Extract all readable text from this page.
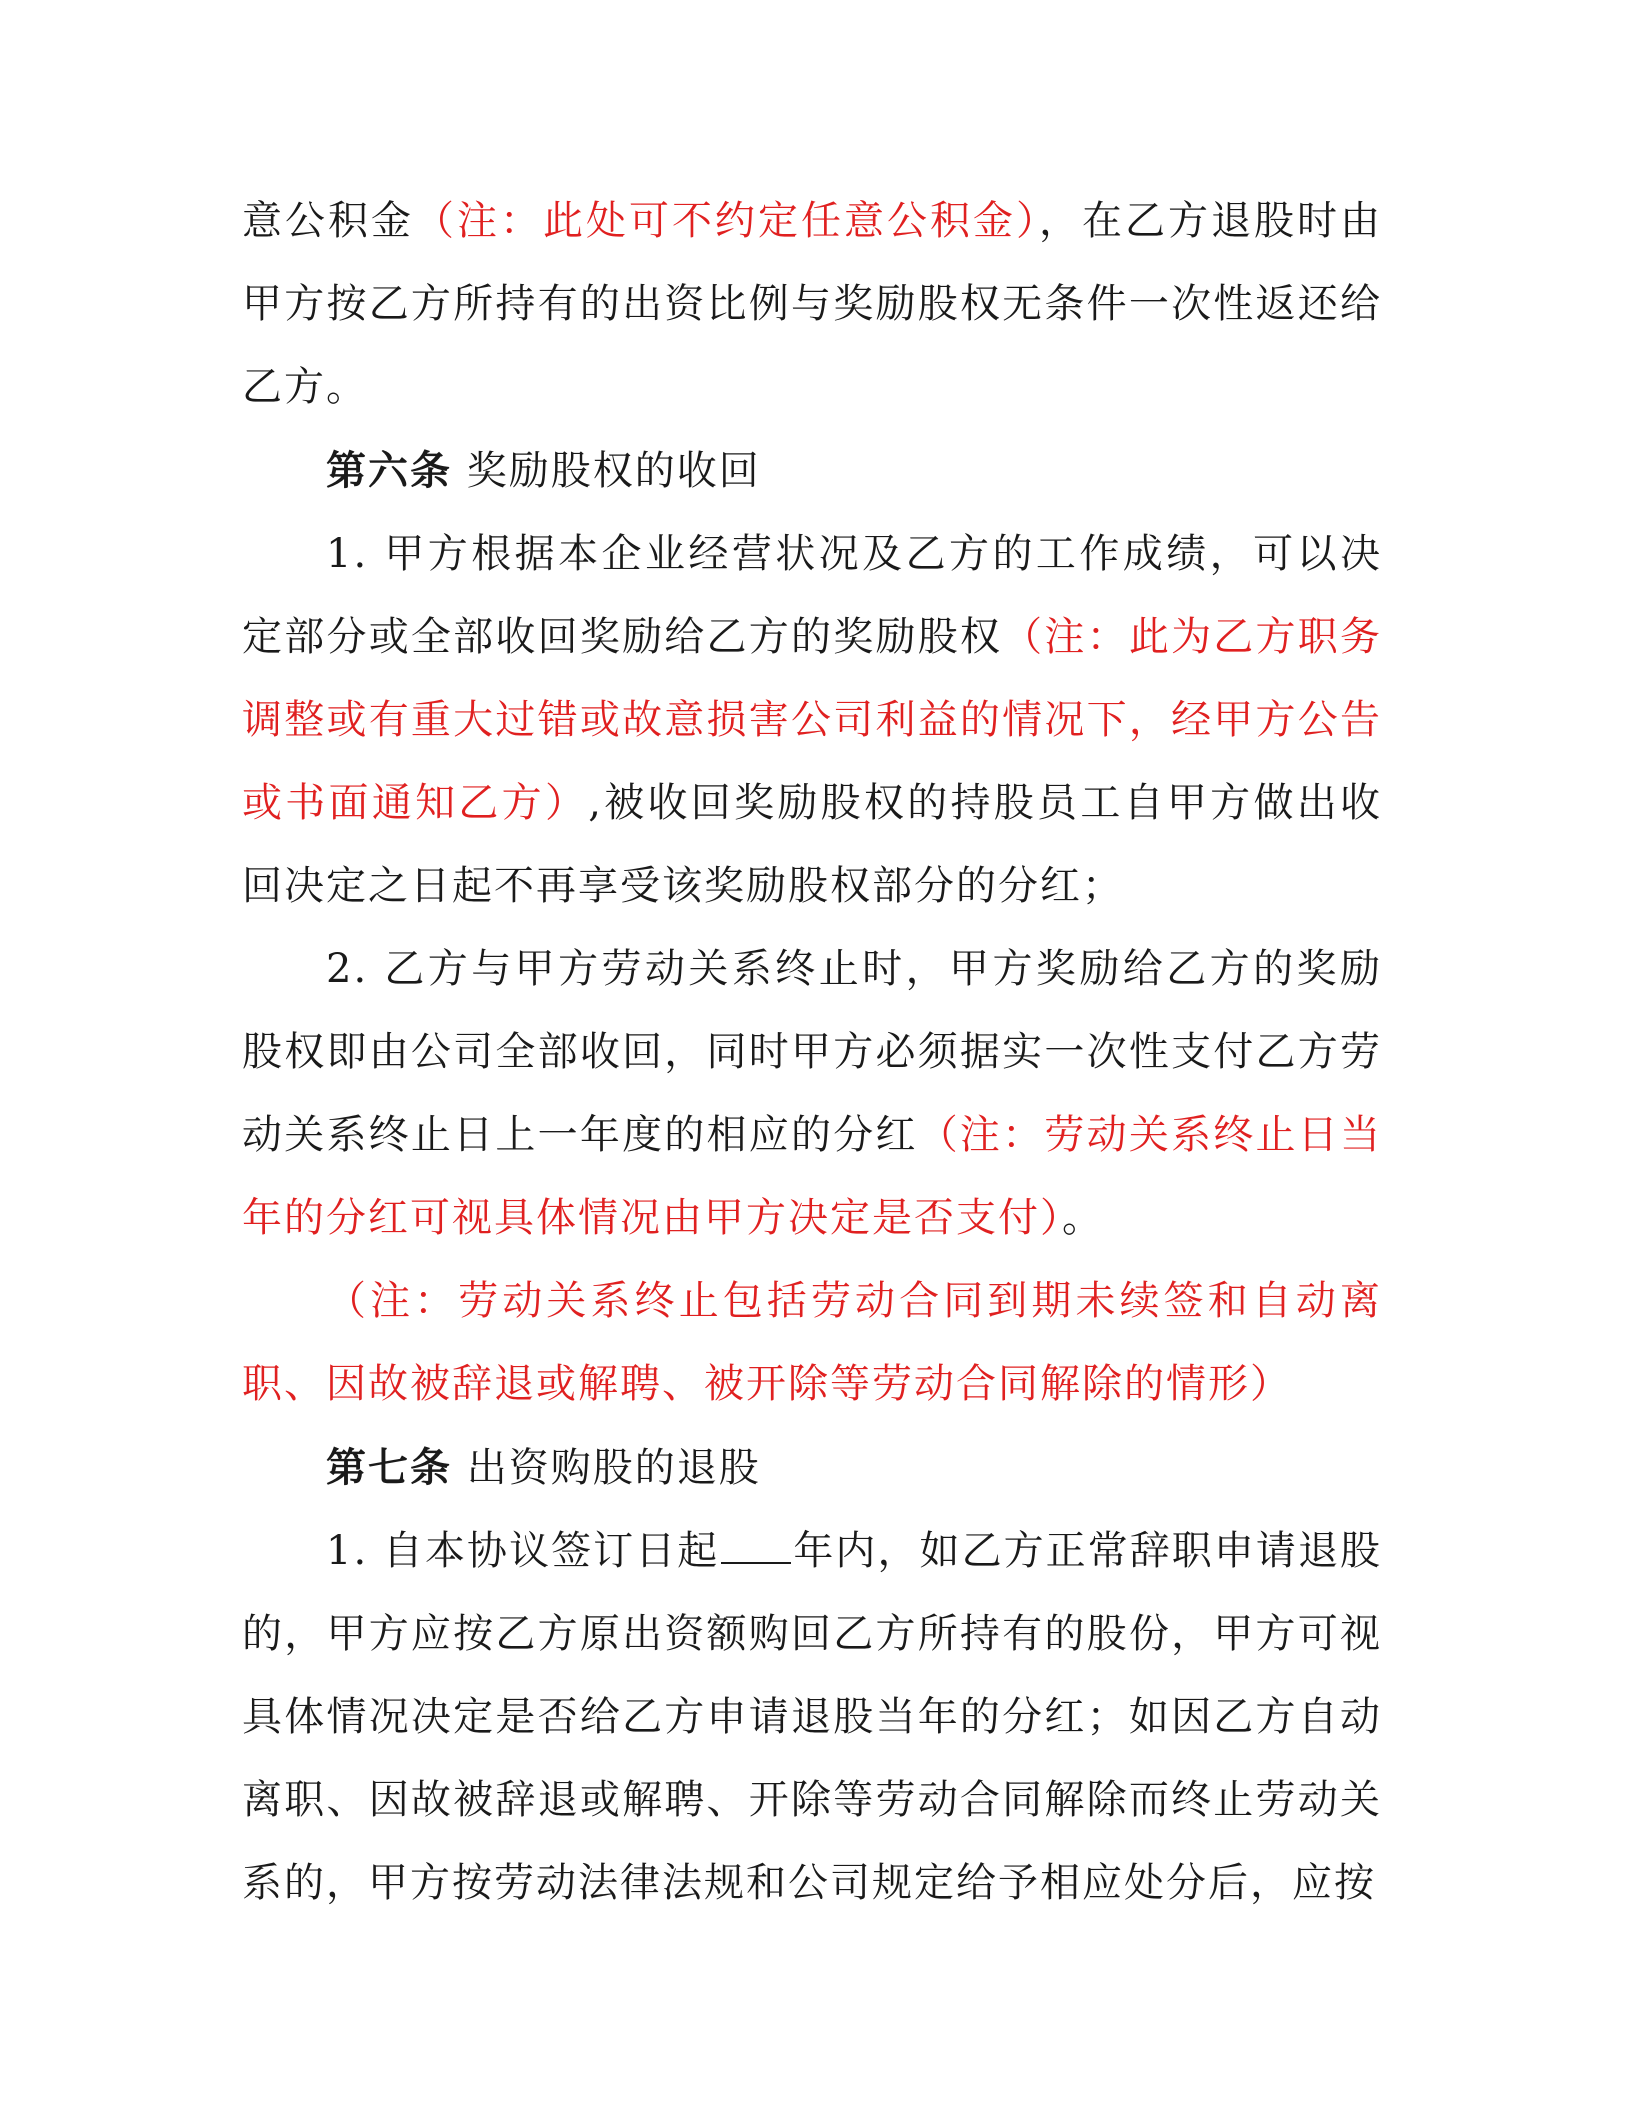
意公积金（注：此处可不约定任意公积金），在乙方退股时由甲方按乙方所持有的出资比例与奖励股权无条件一次性返还给乙方。

第六条 奖励股权的收回

1. 甲方根据本企业经营状况及乙方的工作成绩，可以决定部分或全部收回奖励给乙方的奖励股权（注：此为乙方职务调整或有重大过错或故意损害公司利益的情况下，经甲方公告或书面通知乙方）,被收回奖励股权的持股员工自甲方做出收回决定之日起不再享受该奖励股权部分的分红；

2. 乙方与甲方劳动关系终止时，甲方奖励给乙方的奖励股权即由公司全部收回，同时甲方必须据实一次性支付乙方劳动关系终止日上一年度的相应的分红（注：劳动关系终止日当年的分红可视具体情况由甲方决定是否支付）。

（注：劳动关系终止包括劳动合同到期未续签和自动离职、因故被辞退或解聘、被开除等劳动合同解除的情形）

第七条 出资购股的退股

1. 自本协议签订日起 年内，如乙方正常辞职申请退股的，甲方应按乙方原出资额购回乙方所持有的股份，甲方可视具体情况决定是否给乙方申请退股当年的分红；如因乙方自动离职、因故被辞退或解聘、开除等劳动合同解除而终止劳动关系的，甲方按劳动法律法规和公司规定给予相应处分后，应按
